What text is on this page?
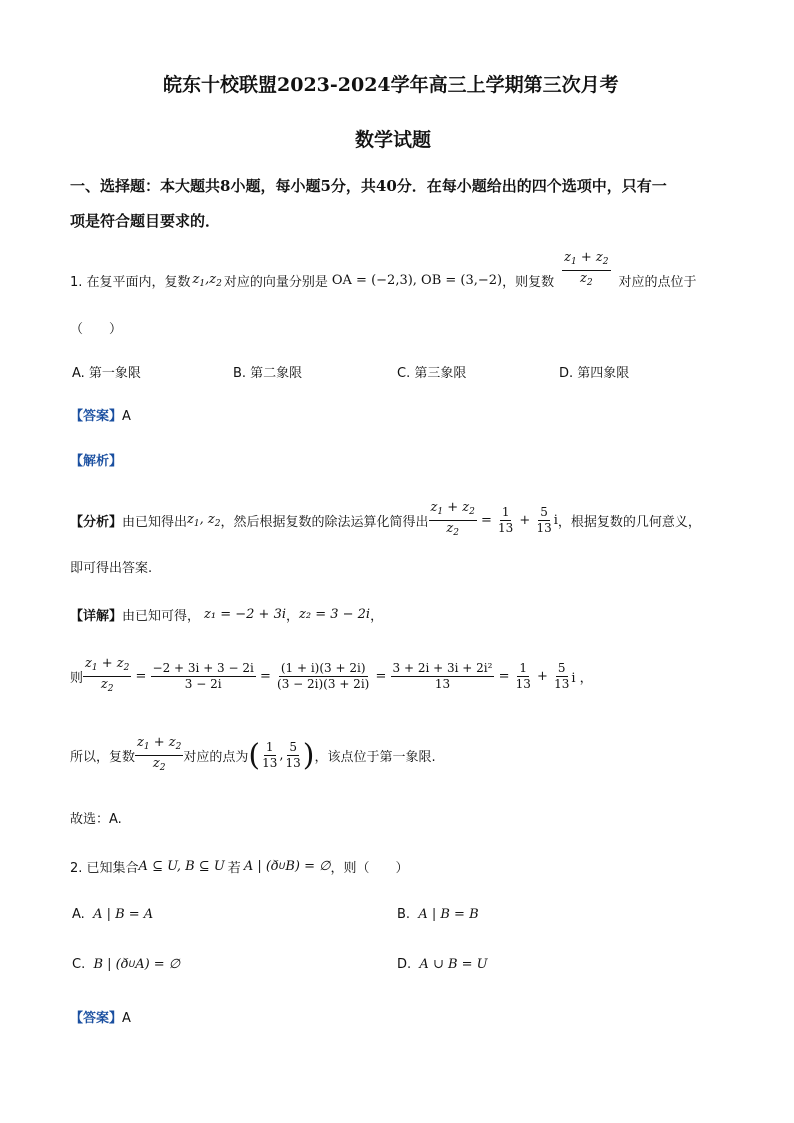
皖东十校联盟2023-2024学年高三上学期第三次月考
数学试题
一、选择题：本大题共8小题，每小题5分，共40分．在每小题给出的四个选项中，只有一
项是符合题目要求的．
1. 在复平面内，复数 $z_1,z_2$ 对应的向量分别是 OA = (−2,3), OB = (3,−2) ，则复数 $\frac{z_1 + z_2}{z_2}$ 对应的点位于
（　　）
A. 第一象限	B. 第二象限	C. 第三象限	D. 第四象限
【答案】A
【解析】
【分析】 由已知得出 $z_1$, $z_2$ ，然后根据复数的除法运算化简得出 $\frac{z_1 + z_2}{z_2} = \frac{1}{13} + \frac{5}{13}$ i ，根据复数的几何意义，
即可得出答案.
【详解】 由已知可得， z₁ = −2 + 3i ， z₂ = 3 − 2i ，
则 $\frac{z_1 + z_2}{z_2} = \frac{-2 + 3i + 3 - 2i}{3 - 2i} = \frac{(1 + i)(3 + 2i)}{(3 - 2i)(3 + 2i)} = \frac{\text{3 + 2i + 3i + 2i²}}{13} = \frac{1}{13} + \frac{5}{13}$ i ，
所以，复数 $\frac{z_1 + z_2}{z_2}$ 对应的点为 ( $\frac{1}{13}$ , $\frac{5}{13}$ ) ，该点位于第一象限.
故选：A.
2. 已知集合 A ⊆ U, B ⊆ U 若 A | (ð U B) = ∅ ，则（　　）
A.
A | B = A	B.
A | B = B
C.
B | (ð U A) = ∅	D.
A ∪ B = U
【答案】A
